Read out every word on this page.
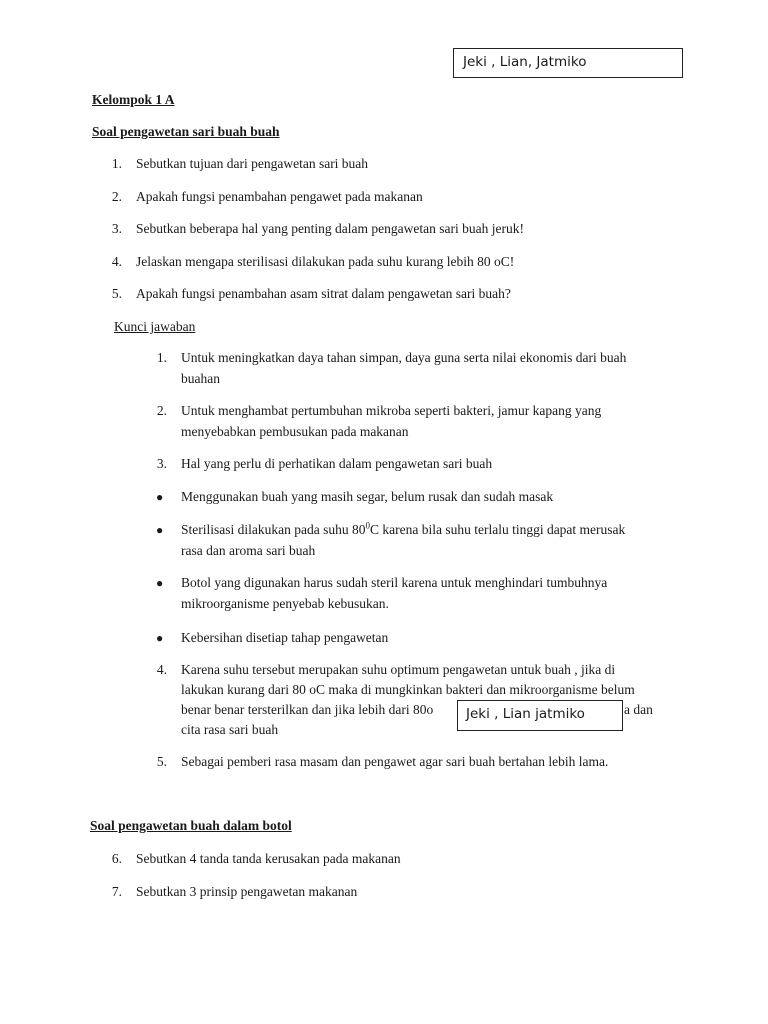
Jeki , Lian, Jatmiko
Kelompok 1 A
Soal pengawetan sari buah buah
1. Sebutkan tujuan dari pengawetan sari buah
2. Apakah fungsi penambahan pengawet pada makanan
3. Sebutkan beberapa hal yang penting dalam pengawetan sari buah jeruk!
4. Jelaskan mengapa sterilisasi dilakukan pada suhu kurang lebih 80 oC!
5. Apakah fungsi penambahan asam sitrat dalam pengawetan sari buah?
Kunci jawaban
1. Untuk meningkatkan daya tahan simpan, daya guna serta nilai ekonomis dari buah
buahan
2. Untuk menghambat pertumbuhan mikroba seperti bakteri, jamur kapang yang
menyebabkan pembusukan pada makanan
3. Hal yang perlu di perhatikan dalam pengawetan sari buah
● Menggunakan buah yang masih segar, belum rusak dan sudah masak
● Sterilisasi dilakukan pada suhu $80^0C$ karena bila suhu terlalu tinggi dapat merusak
rasa dan aroma sari buah
● Botol yang digunakan harus sudah steril karena untuk menghindari tumbuhnya
mikroorganisme penyebab kebusukan.
● Kebersihan disetiap tahap pengawetan
4. Karena suhu tersebut merupakan suhu optimum pengawetan untuk buah , jika di
lakukan kurang dari 80 oC maka di mungkinkan bakteri dan mikroorganisme belum
benar benar tersterilkan dan jika lebih dari 80o	a dan
cita rasa sari buah
5. Sebagai pemberi rasa masam dan pengawet agar sari buah bertahan lebih lama.
Jeki , Lian jatmiko
Soal pengawetan buah dalam botol
6. Sebutkan 4 tanda tanda kerusakan pada makanan
7. Sebutkan 3 prinsip pengawetan makanan
